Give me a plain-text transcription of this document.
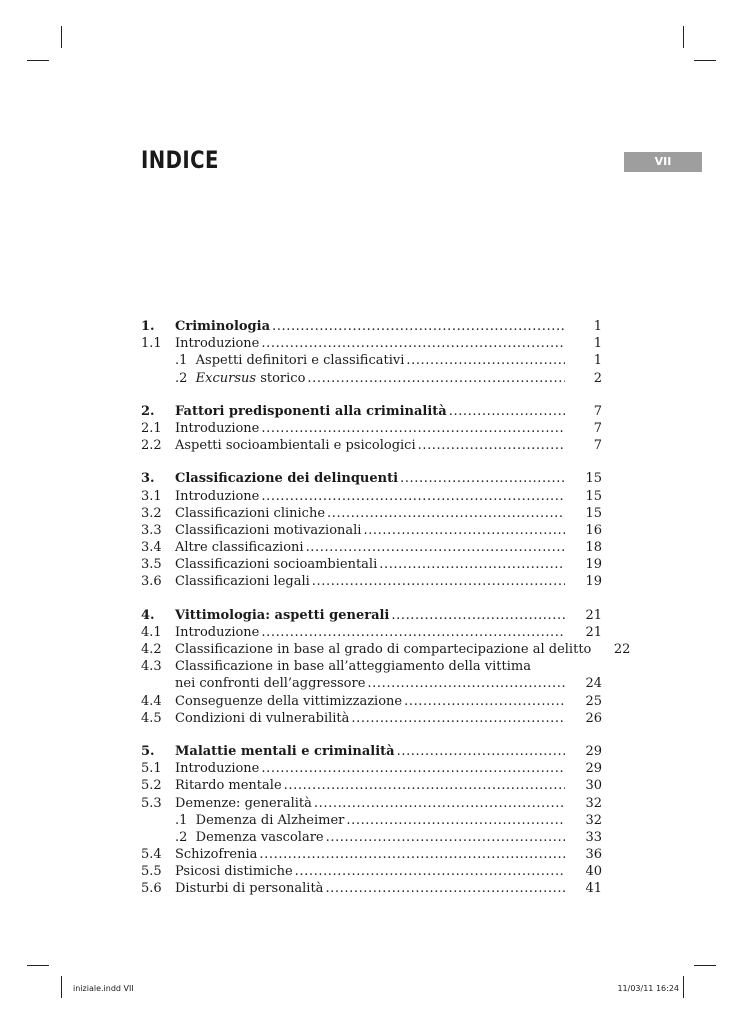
INDICE	VII
1.	Criminologia .....	1
1.1	Introduzione .....	1
.1  Aspetti definitori e classificativi .....	1
.2  Excursus storico .....	2
2.	Fattori predisponenti alla criminalità .....	7
2.1	Introduzione .....	7
2.2	Aspetti socioambientali e psicologici .....	7
3.	Classificazione dei delinquenti .....	15
3.1	Introduzione .....	15
3.2	Classificazioni cliniche .....	15
3.3	Classificazioni motivazionali .....	16
3.4	Altre classificazioni .....	18
3.5	Classificazioni socioambientali .....	19
3.6	Classificazioni legali .....	19
4.	Vittimologia: aspetti generali .....	21
4.1	Introduzione .....	21
4.2	Classificazione in base al grado di compartecipazione al delitto	22
4.3	Classificazione in base all’atteggiamento della vittima
nei confronti dell’aggressore .....	24
4.4	Conseguenze della vittimizzazione .....	25
4.5	Condizioni di vulnerabilità .....	26
5.	Malattie mentali e criminalità .....	29
5.1	Introduzione .....	29
5.2	Ritardo mentale .....	30
5.3	Demenze: generalità .....	32
.1  Demenza di Alzheimer .....	32
.2  Demenza vascolare .....	33
5.4	Schizofrenia .....	36
5.5	Psicosi distimiche .....	40
5.6	Disturbi di personalità .....	41
iniziale.indd VII	11/03/11 16:24
